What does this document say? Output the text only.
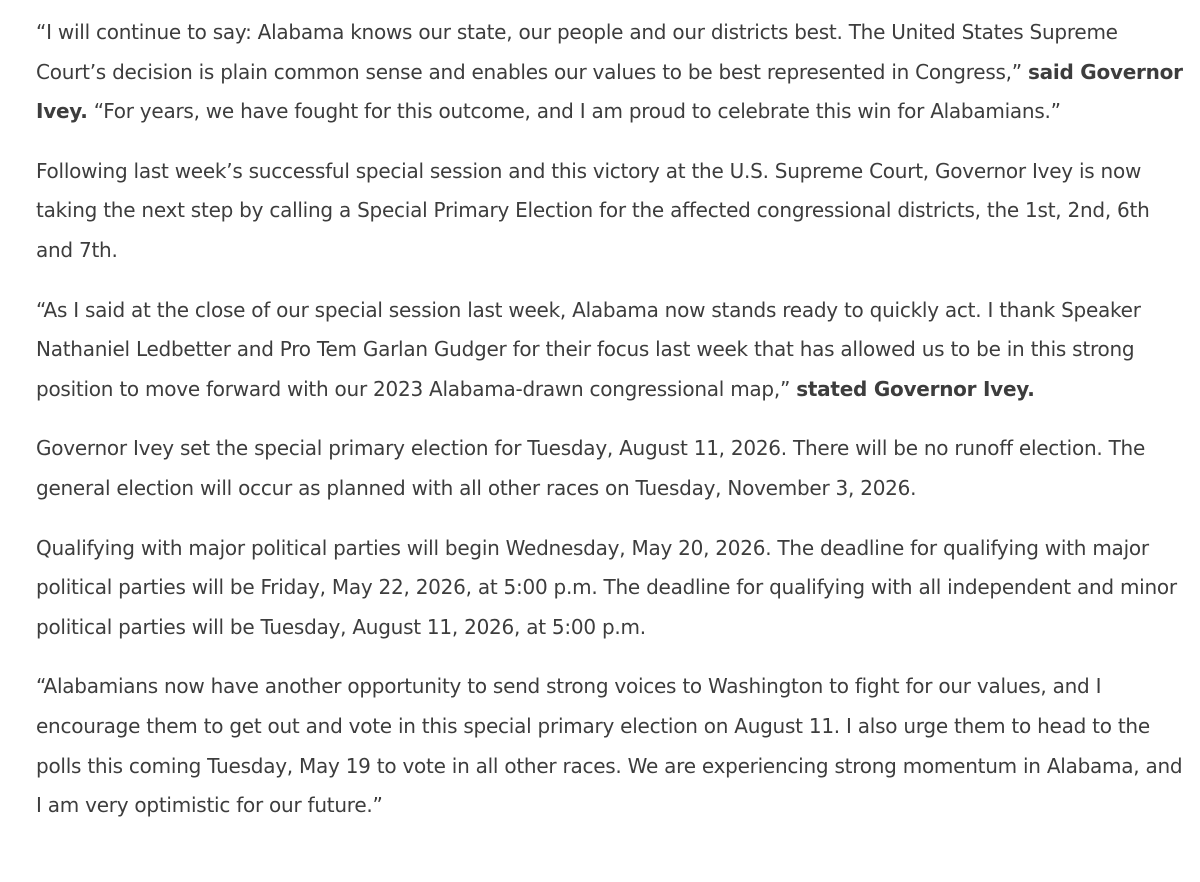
“I will continue to say: Alabama knows our state, our people and our districts best. The United States Supreme Court’s decision is plain common sense and enables our values to be best represented in Congress,” said Governor Ivey. “For years, we have fought for this outcome, and I am proud to celebrate this win for Alabamians.”

Following last week’s successful special session and this victory at the U.S. Supreme Court, Governor Ivey is now taking the next step by calling a Special Primary Election for the affected congressional districts, the 1st, 2nd, 6th and 7th.

“As I said at the close of our special session last week, Alabama now stands ready to quickly act. I thank Speaker Nathaniel Ledbetter and Pro Tem Garlan Gudger for their focus last week that has allowed us to be in this strong position to move forward with our 2023 Alabama-drawn congressional map,” stated Governor Ivey.

Governor Ivey set the special primary election for Tuesday, August 11, 2026. There will be no runoff election. The general election will occur as planned with all other races on Tuesday, November 3, 2026.

Qualifying with major political parties will begin Wednesday, May 20, 2026. The deadline for qualifying with major political parties will be Friday, May 22, 2026, at 5:00 p.m. The deadline for qualifying with all independent and minor political parties will be Tuesday, August 11, 2026, at 5:00 p.m.

“Alabamians now have another opportunity to send strong voices to Washington to fight for our values, and I encourage them to get out and vote in this special primary election on August 11. I also urge them to head to the polls this coming Tuesday, May 19 to vote in all other races. We are experiencing strong momentum in Alabama, and I am very optimistic for our future.”
